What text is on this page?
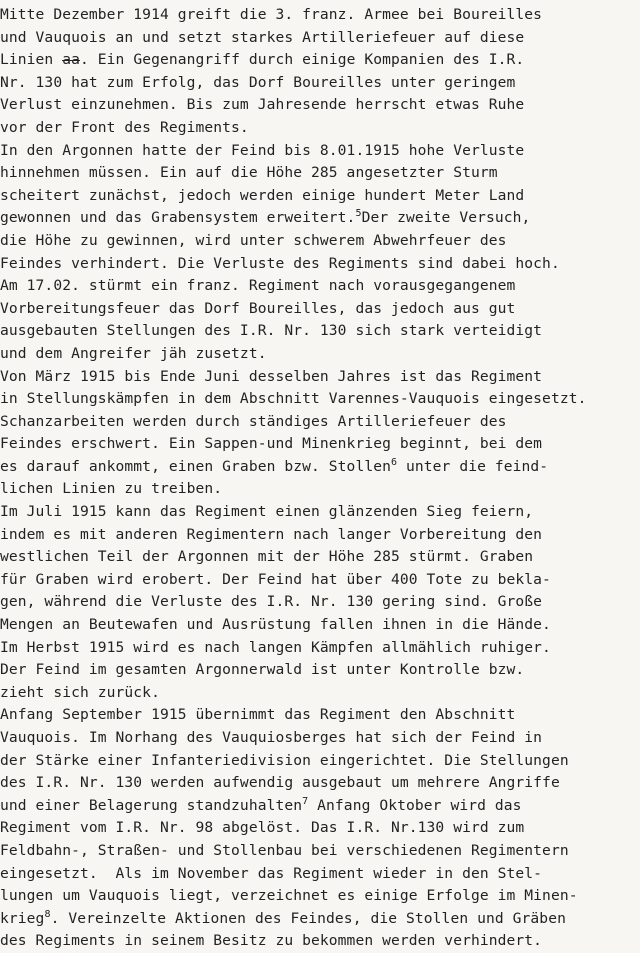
Mitte Dezember 1914 greift die 3. franz. Armee bei Boureilles
und Vauquois an und setzt starkes Artilleriefeuer auf diese
Linien aa. Ein Gegenangriff durch einige Kompanien des I.R.
Nr. 130 hat zum Erfolg, das Dorf Boureilles unter geringem
Verlust einzunehmen. Bis zum Jahresende herrscht etwas Ruhe
vor der Front des Regiments.
In den Argonnen hatte der Feind bis 8.01.1915 hohe Verluste
hinnehmen müssen. Ein auf die Höhe 285 angesetzter Sturm
scheitert zunächst, jedoch werden einige hundert Meter Land
gewonnen und das Grabensystem erweitert.$^5$Der zweite Versuch,
die Höhe zu gewinnen, wird unter schwerem Abwehrfeuer des
Feindes verhindert. Die Verluste des Regiments sind dabei hoch.
Am 17.02. stürmt ein franz. Regiment nach vorausgegangenem
Vorbereitungsfeuer das Dorf Boureilles, das jedoch aus gut
ausgebauten Stellungen des I.R. Nr. 130 sich stark verteidigt
und dem Angreifer jäh zusetzt.
Von März 1915 bis Ende Juni desselben Jahres ist das Regiment
in Stellungskämpfen in dem Abschnitt Varennes-Vauquois eingesetzt.
Schanzarbeiten werden durch ständiges Artilleriefeuer des
Feindes erschwert. Ein Sappen-und Minenkrieg beginnt, bei dem
es darauf ankommt, einen Graben bzw. Stollen$^6$ unter die feind-
lichen Linien zu treiben.
Im Juli 1915 kann das Regiment einen glänzenden Sieg feiern,
indem es mit anderen Regimentern nach langer Vorbereitung den
westlichen Teil der Argonnen mit der Höhe 285 stürmt. Graben
für Graben wird erobert. Der Feind hat über 400 Tote zu bekla-
gen, während die Verluste des I.R. Nr. 130 gering sind. Große
Mengen an Beutewafen und Ausrüstung fallen ihnen in die Hände.
Im Herbst 1915 wird es nach langen Kämpfen allmählich ruhiger.
Der Feind im gesamten Argonnerwald ist unter Kontrolle bzw.
zieht sich zurück.
Anfang September 1915 übernimmt das Regiment den Abschnitt
Vauquois. Im Norhang des Vauquiosberges hat sich der Feind in
der Stärke einer Infanteriedivision eingerichtet. Die Stellungen
des I.R. Nr. 130 werden aufwendig ausgebaut um mehrere Angriffe
und einer Belagerung standzuhalten$^7$ Anfang Oktober wird das
Regiment vom I.R. Nr. 98 abgelöst. Das I.R. Nr.130 wird zum
Feldbahn-, Straßen- und Stollenbau bei verschiedenen Regimentern
eingesetzt.  Als im November das Regiment wieder in den Stel-
lungen um Vauquois liegt, verzeichnet es einige Erfolge im Minen-
krieg$^8$. Vereinzelte Aktionen des Feindes, die Stollen und Gräben
des Regiments in seinem Besitz zu bekommen werden verhindert.
